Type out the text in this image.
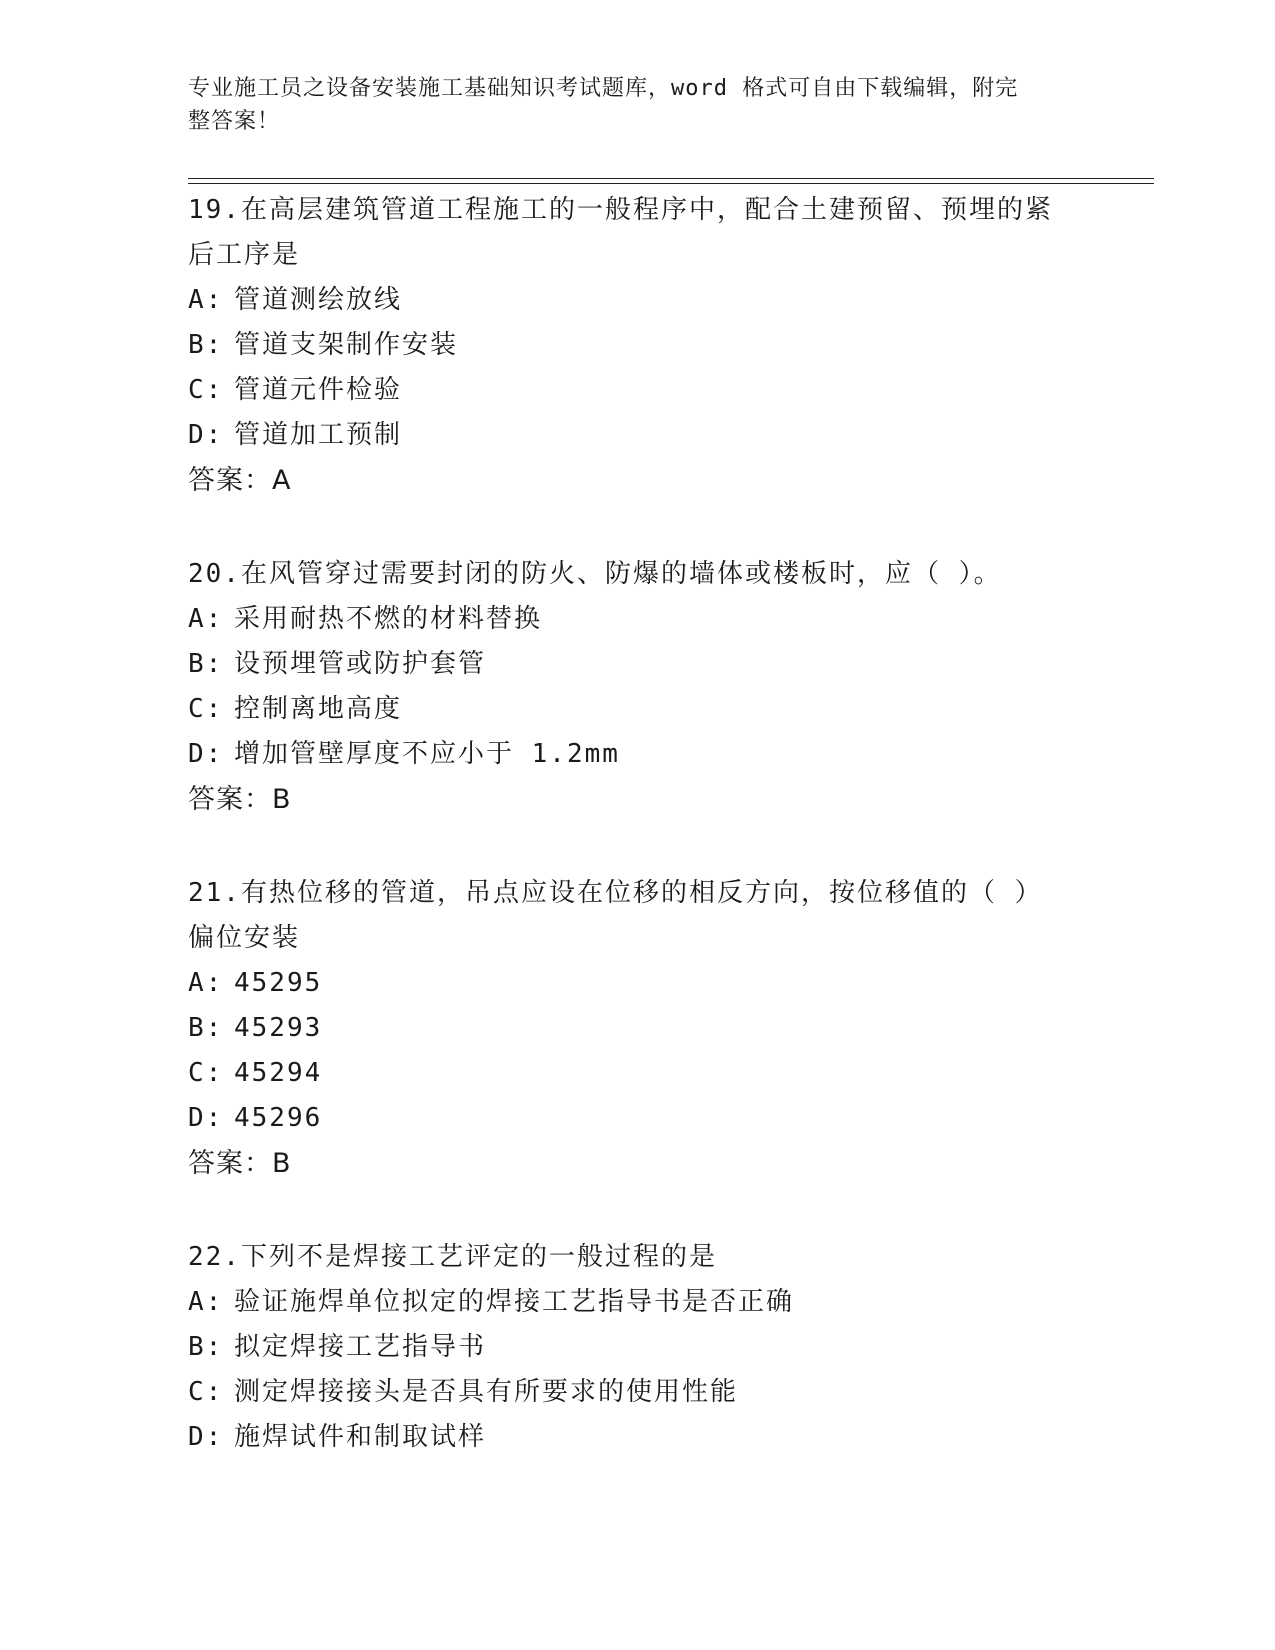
专业施工员之设备安装施工基础知识考试题库，word 格式可自由下载编辑，附完
整答案！
19.在高层建筑管道工程施工的一般程序中，配合土建预留、预埋的紧
后工序是
A: 管道测绘放线
B: 管道支架制作安装
C: 管道元件检验
D: 管道加工预制
答案：A
20.在风管穿过需要封闭的防火、防爆的墙体或楼板时，应（ ）。
A: 采用耐热不燃的材料替换
B: 设预埋管或防护套管
C: 控制离地高度
D: 增加管壁厚度不应小于 1.2mm
答案：B
21.有热位移的管道，吊点应设在位移的相反方向，按位移值的（ ）
偏位安装
A: 45295
B: 45293
C: 45294
D: 45296
答案：B
22.下列不是焊接工艺评定的一般过程的是
A: 验证施焊单位拟定的焊接工艺指导书是否正确
B: 拟定焊接工艺指导书
C: 测定焊接接头是否具有所要求的使用性能
D: 施焊试件和制取试样
